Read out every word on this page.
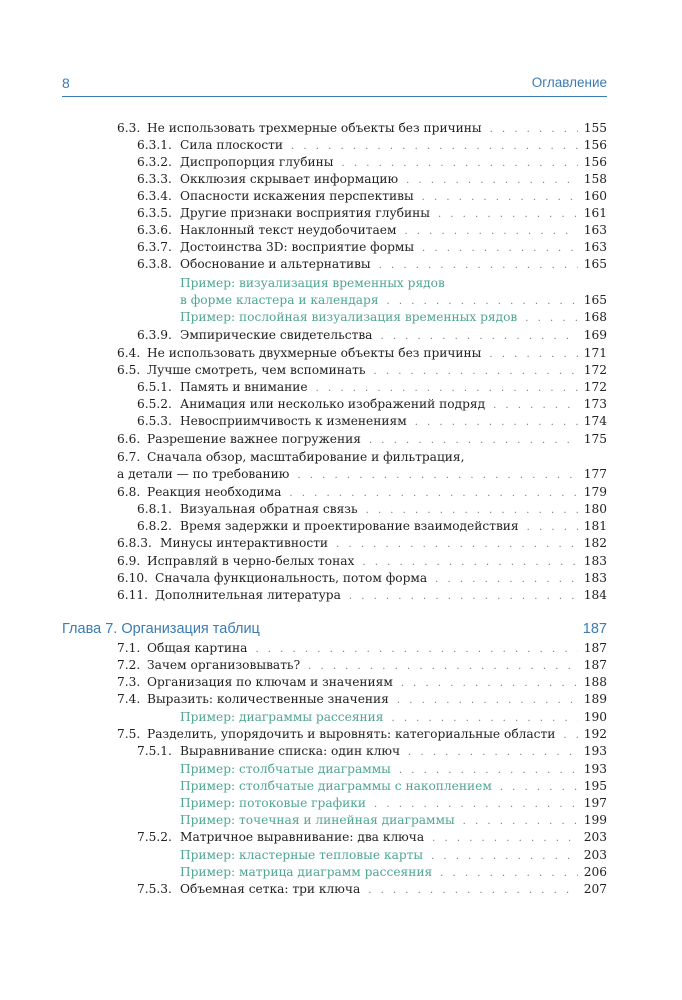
8	Оглавление
6.3. Не использовать трехмерные объекты без причины . . .	155
6.3.1. Сила плоскости . . .	156
6.3.2. Диспропорция глубины . . .	156
6.3.3. Окклюзия скрывает информацию . . .	158
6.3.4. Опасности искажения перспективы . . .	160
6.3.5. Другие признаки восприятия глубины . . .	161
6.3.6. Наклонный текст неудобочитаем . . .	163
6.3.7. Достоинства 3D: восприятие формы . . .	163
6.3.8. Обоснование и альтернативы . . .	165
Пример: визуализация временных рядов
в форме кластера и календаря . . .	165
Пример: послойная визуализация временных рядов . . .	168
6.3.9. Эмпирические свидетельства . . .	169
6.4. Не использовать двухмерные объекты без причины . . .	171
6.5. Лучше смотреть, чем вспоминать . . .	172
6.5.1. Память и внимание . . .	172
6.5.2. Анимация или несколько изображений подряд . . .	173
6.5.3. Невосприимчивость к изменениям . . .	174
6.6. Разрешение важнее погружения . . .	175
6.7. Сначала обзор, масштабирование и фильтрация,
а детали — по требованию . . .	177
6.8. Реакция необходима . . .	179
6.8.1. Визуальная обратная связь . . .	180
6.8.2. Время задержки и проектирование взаимодействия . . .	181
6.8.3. Минусы интерактивности . . .	182
6.9. Исправляй в черно-белых тонах . . .	183
6.10. Сначала функциональность, потом форма . . .	183
6.11. Дополнительная литература . . .	184
Глава 7. Организация таблиц	187
7.1. Общая картина . . .	187
7.2. Зачем организовывать? . . .	187
7.3. Организация по ключам и значениям . . .	188
7.4. Выразить: количественные значения . . .	189
Пример: диаграммы рассеяния . . .	190
7.5. Разделить, упорядочить и выровнять: категориальные области . . . 192
7.5.1. Выравнивание списка: один ключ . . .	193
Пример: столбчатые диаграммы . . .	193
Пример: столбчатые диаграммы с накоплением . . .	195
Пример: потоковые графики . . .	197
Пример: точечная и линейная диаграммы . . .	199
7.5.2. Матричное выравнивание: два ключа . . .	203
Пример: кластерные тепловые карты . . .	203
Пример: матрица диаграмм рассеяния . . .	206
7.5.3. Объемная сетка: три ключа . . .	207
